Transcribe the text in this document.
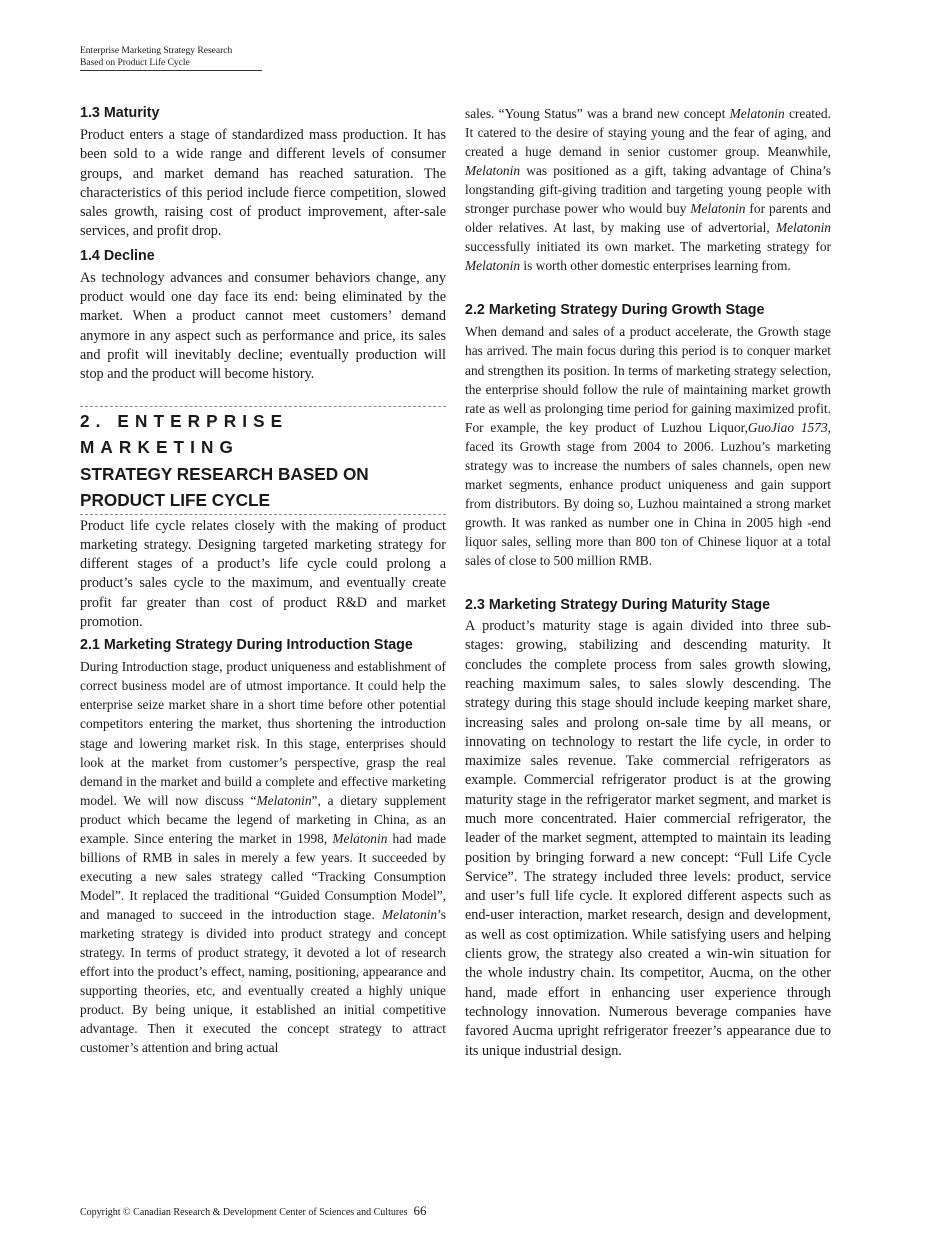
Enterprise Marketing Strategy Research
Based on Product Life Cycle
1.3 Maturity

Product enters a stage of standardized mass production. It has been sold to a wide range and different levels of consumer groups, and market demand has reached saturation. The characteristics of this period include fierce competition, slowed sales growth, raising cost of product improvement, after-sale services, and profit drop.

1.4 Decline

As technology advances and consumer behaviors change, any product would one day face its end: being eliminated by the market. When a product cannot meet customers’ demand anymore in any aspect such as performance and price, its sales and profit will inevitably decline; eventually production will stop and the product will become history.

2. ENTERPRISE MARKETING
STRATEGY RESEARCH BASED ON
PRODUCT LIFE CYCLE

Product life cycle relates closely with the making of product marketing strategy. Designing targeted marketing strategy for different stages of a product’s life cycle could prolong a product’s sales cycle to the maximum, and eventually create profit far greater than cost of product R&D and market promotion.

2.1 Marketing Strategy During Introduction Stage

During Introduction stage, product uniqueness and establishment of correct business model are of utmost importance. It could help the enterprise seize market share in a short time before other potential competitors entering the market, thus shortening the introduction stage and lowering market risk. In this stage, enterprises should look at the market from customer’s perspective, grasp the real demand in the market and build a complete and effective marketing model. We will now discuss “Melatonin”, a dietary supplement product which became the legend of marketing in China, as an example. Since entering the market in 1998, Melatonin had made billions of RMB in sales in merely a few years. It succeeded by executing a new sales strategy called “Tracking Consumption Model”. It replaced the traditional “Guided Consumption Model”, and managed to succeed in the introduction stage. Melatonin’s marketing strategy is divided into product strategy and concept strategy. In terms of product strategy, it devoted a lot of research effort into the product’s effect, naming, positioning, appearance and supporting theories, etc, and eventually created a highly unique product. By being unique, it established an initial competitive advantage. Then it executed the concept strategy to attract customer’s attention and bring actual

sales. “Young Status” was a brand new concept Melatonin created. It catered to the desire of staying young and the fear of aging, and created a huge demand in senior customer group. Meanwhile, Melatonin was positioned as a gift, taking advantage of China’s longstanding gift-giving tradition and targeting young people with stronger purchase power who would buy Melatonin for parents and older relatives. At last, by making use of advertorial, Melatonin successfully initiated its own market. The marketing strategy for Melatonin is worth other domestic enterprises learning from.

2.2 Marketing Strategy During Growth Stage

When demand and sales of a product accelerate, the Growth stage has arrived. The main focus during this period is to conquer market and strengthen its position. In terms of marketing strategy selection, the enterprise should follow the rule of maintaining market growth rate as well as prolonging time period for gaining maximized profit. For example, the key product of Luzhou Liquor,GuoJiao 1573, faced its Growth stage from 2004 to 2006. Luzhou’s marketing strategy was to increase the numbers of sales channels, open new market segments, enhance product uniqueness and gain support from distributors. By doing so, Luzhou maintained a strong market growth. It was ranked as number one in China in 2005 high -end liquor sales, selling more than 800 ton of Chinese liquor at a total sales of close to 500 million RMB.

2.3 Marketing Strategy During Maturity Stage

A product’s maturity stage is again divided into three sub-stages: growing, stabilizing and descending maturity. It concludes the complete process from sales growth slowing, reaching maximum sales, to sales slowly descending. The strategy during this stage should include keeping market share, increasing sales and prolong on-sale time by all means, or innovating on technology to restart the life cycle, in order to maximize sales revenue. Take commercial refrigerators as example. Commercial refrigerator product is at the growing maturity stage in the refrigerator market segment, and market is much more concentrated. Haier commercial refrigerator, the leader of the market segment, attempted to maintain its leading position by bringing forward a new concept: “Full Life Cycle Service”. The strategy included three levels: product, service and user’s full life cycle. It explored different aspects such as end-user interaction, market research, design and development, as well as cost optimization. While satisfying users and helping clients grow, the strategy also created a win-win situation for the whole industry chain. Its competitor, Aucma, on the other hand, made effort in enhancing user experience through technology innovation. Numerous beverage companies have favored Aucma upright refrigerator freezer’s appearance due to its unique industrial design.

Copyright © Canadian Research & Development Center of Sciences and Cultures 66
